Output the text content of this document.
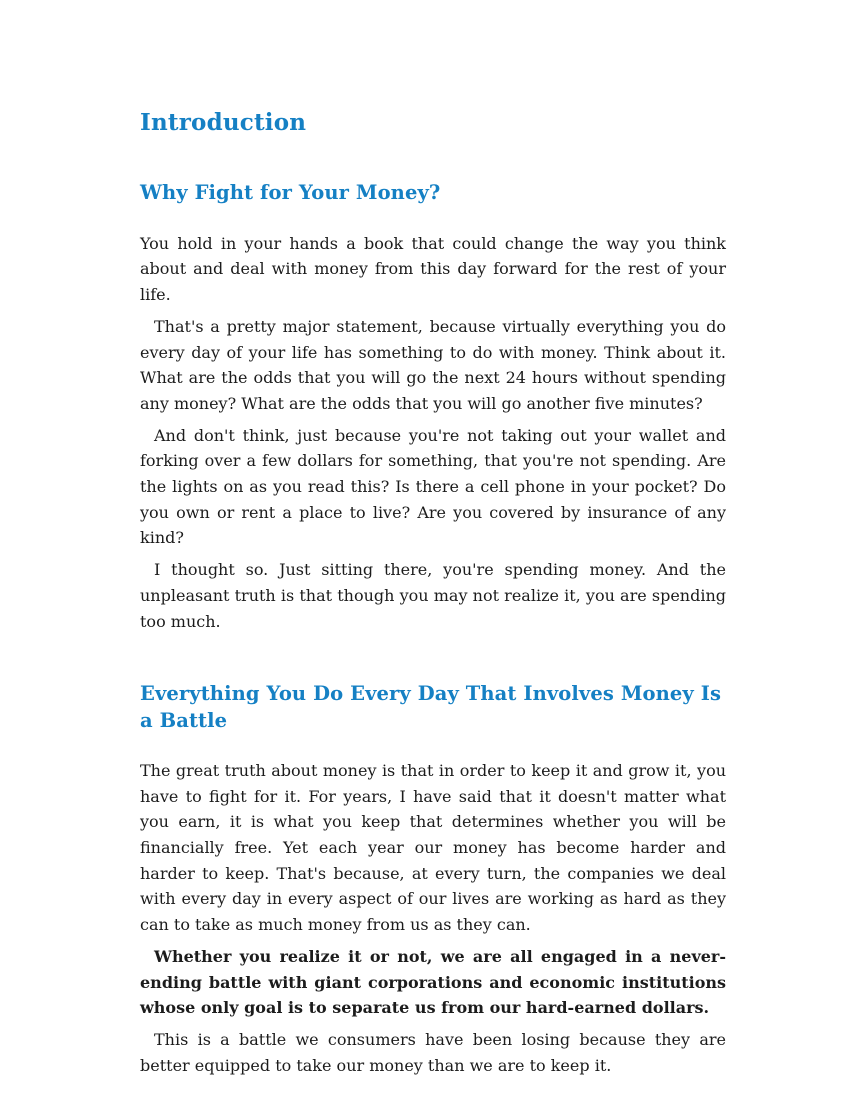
Introduction
Why Fight for Your Money?

You hold in your hands a book that could change the way you think about and deal with money from this day forward for the rest of your life.

That's a pretty major statement, because virtually everything you do every day of your life has something to do with money. Think about it. What are the odds that you will go the next 24 hours without spending any money? What are the odds that you will go another five minutes?

And don't think, just because you're not taking out your wallet and forking over a few dollars for something, that you're not spending. Are the lights on as you read this? Is there a cell phone in your pocket? Do you own or rent a place to live? Are you covered by insurance of any kind?

I thought so. Just sitting there, you're spending money. And the unpleasant truth is that though you may not realize it, you are spending too much.

Everything You Do Every Day That Involves Money Is a Battle

The great truth about money is that in order to keep it and grow it, you have to fight for it. For years, I have said that it doesn't matter what you earn, it is what you keep that determines whether you will be financially free. Yet each year our money has become harder and harder to keep. That's because, at every turn, the companies we deal with every day in every aspect of our lives are working as hard as they can to take as much money from us as they can.

Whether you realize it or not, we are all engaged in a never-ending battle with giant corporations and economic institutions whose only goal is to separate us from our hard-earned dollars.

This is a battle we consumers have been losing because they are better equipped to take our money than we are to keep it.
